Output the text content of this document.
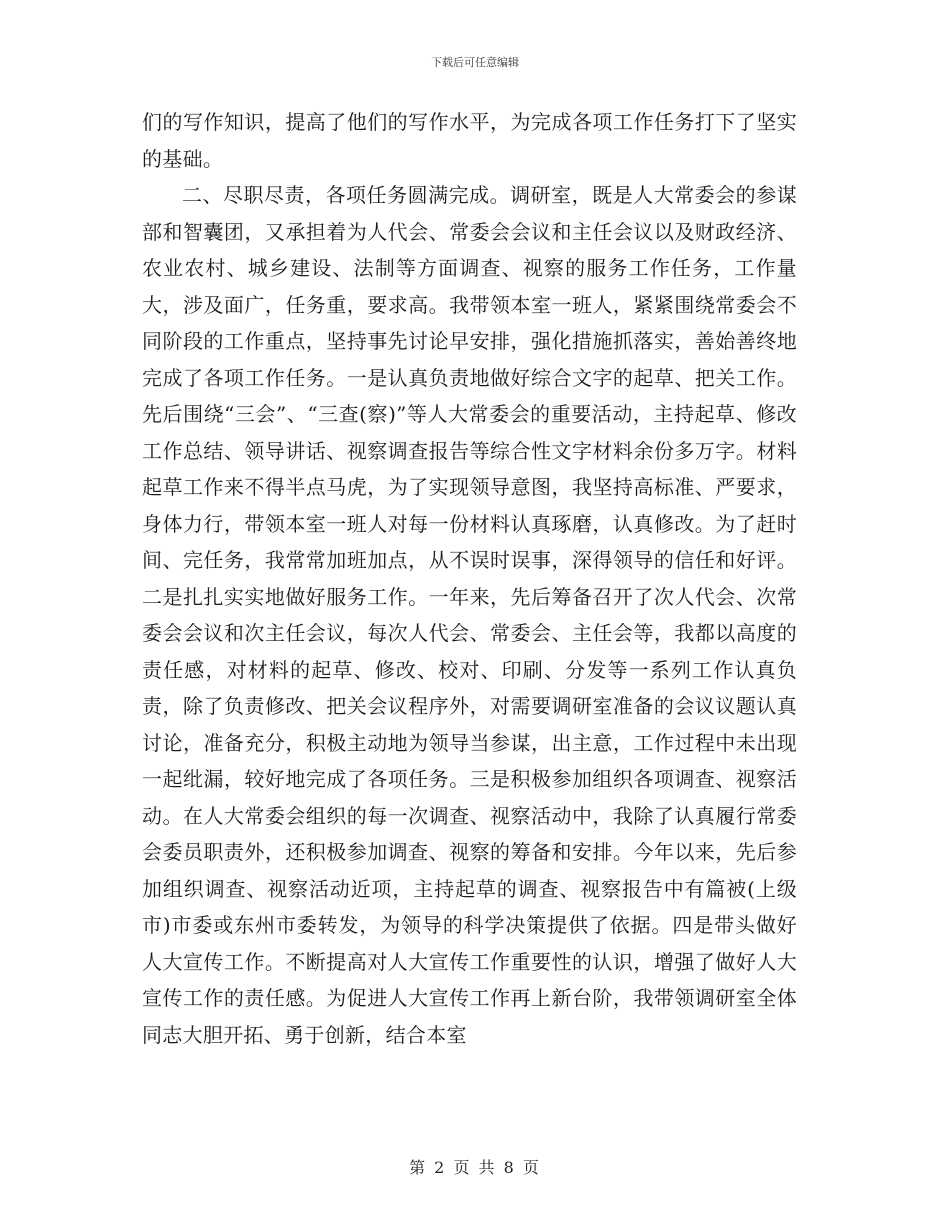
下载后可任意编辑

们的写作知识，提高了他们的写作水平，为完成各项工作任务打下了坚实的基础。

二、尽职尽责，各项任务圆满完成。调研室，既是人大常委会的参谋部和智囊团，又承担着为人代会、常委会会议和主任会议以及财政经济、农业农村、城乡建设、法制等方面调查、视察的服务工作任务，工作量大，涉及面广，任务重，要求高。我带领本室一班人，紧紧围绕常委会不同阶段的工作重点，坚持事先讨论早安排，强化措施抓落实，善始善终地完成了各项工作任务。一是认真负责地做好综合文字的起草、把关工作。先后围绕“三会”、“三查(察)”等人大常委会的重要活动，主持起草、修改工作总结、领导讲话、视察调查报告等综合性文字材料余份多万字。材料起草工作来不得半点马虎，为了实现领导意图，我坚持高标准、严要求，身体力行，带领本室一班人对每一份材料认真琢磨，认真修改。为了赶时间、完任务，我常常加班加点，从不误时误事，深得领导的信任和好评。二是扎扎实实地做好服务工作。一年来，先后筹备召开了次人代会、次常委会会议和次主任会议，每次人代会、常委会、主任会等，我都以高度的责任感，对材料的起草、修改、校对、印刷、分发等一系列工作认真负责，除了负责修改、把关会议程序外，对需要调研室准备的会议议题认真讨论，准备充分，积极主动地为领导当参谋，出主意，工作过程中未出现一起纰漏，较好地完成了各项任务。三是积极参加组织各项调查、视察活动。在人大常委会组织的每一次调查、视察活动中，我除了认真履行常委会委员职责外，还积极参加调查、视察的筹备和安排。今年以来，先后参加组织调查、视察活动近项，主持起草的调查、视察报告中有篇被(上级市)市委或东州市委转发，为领导的科学决策提供了依据。四是带头做好人大宣传工作。不断提高对人大宣传工作重要性的认识，增强了做好人大宣传工作的责任感。为促进人大宣传工作再上新台阶，我带领调研室全体同志大胆开拓、勇于创新，结合本室

第 2 页 共 8 页
